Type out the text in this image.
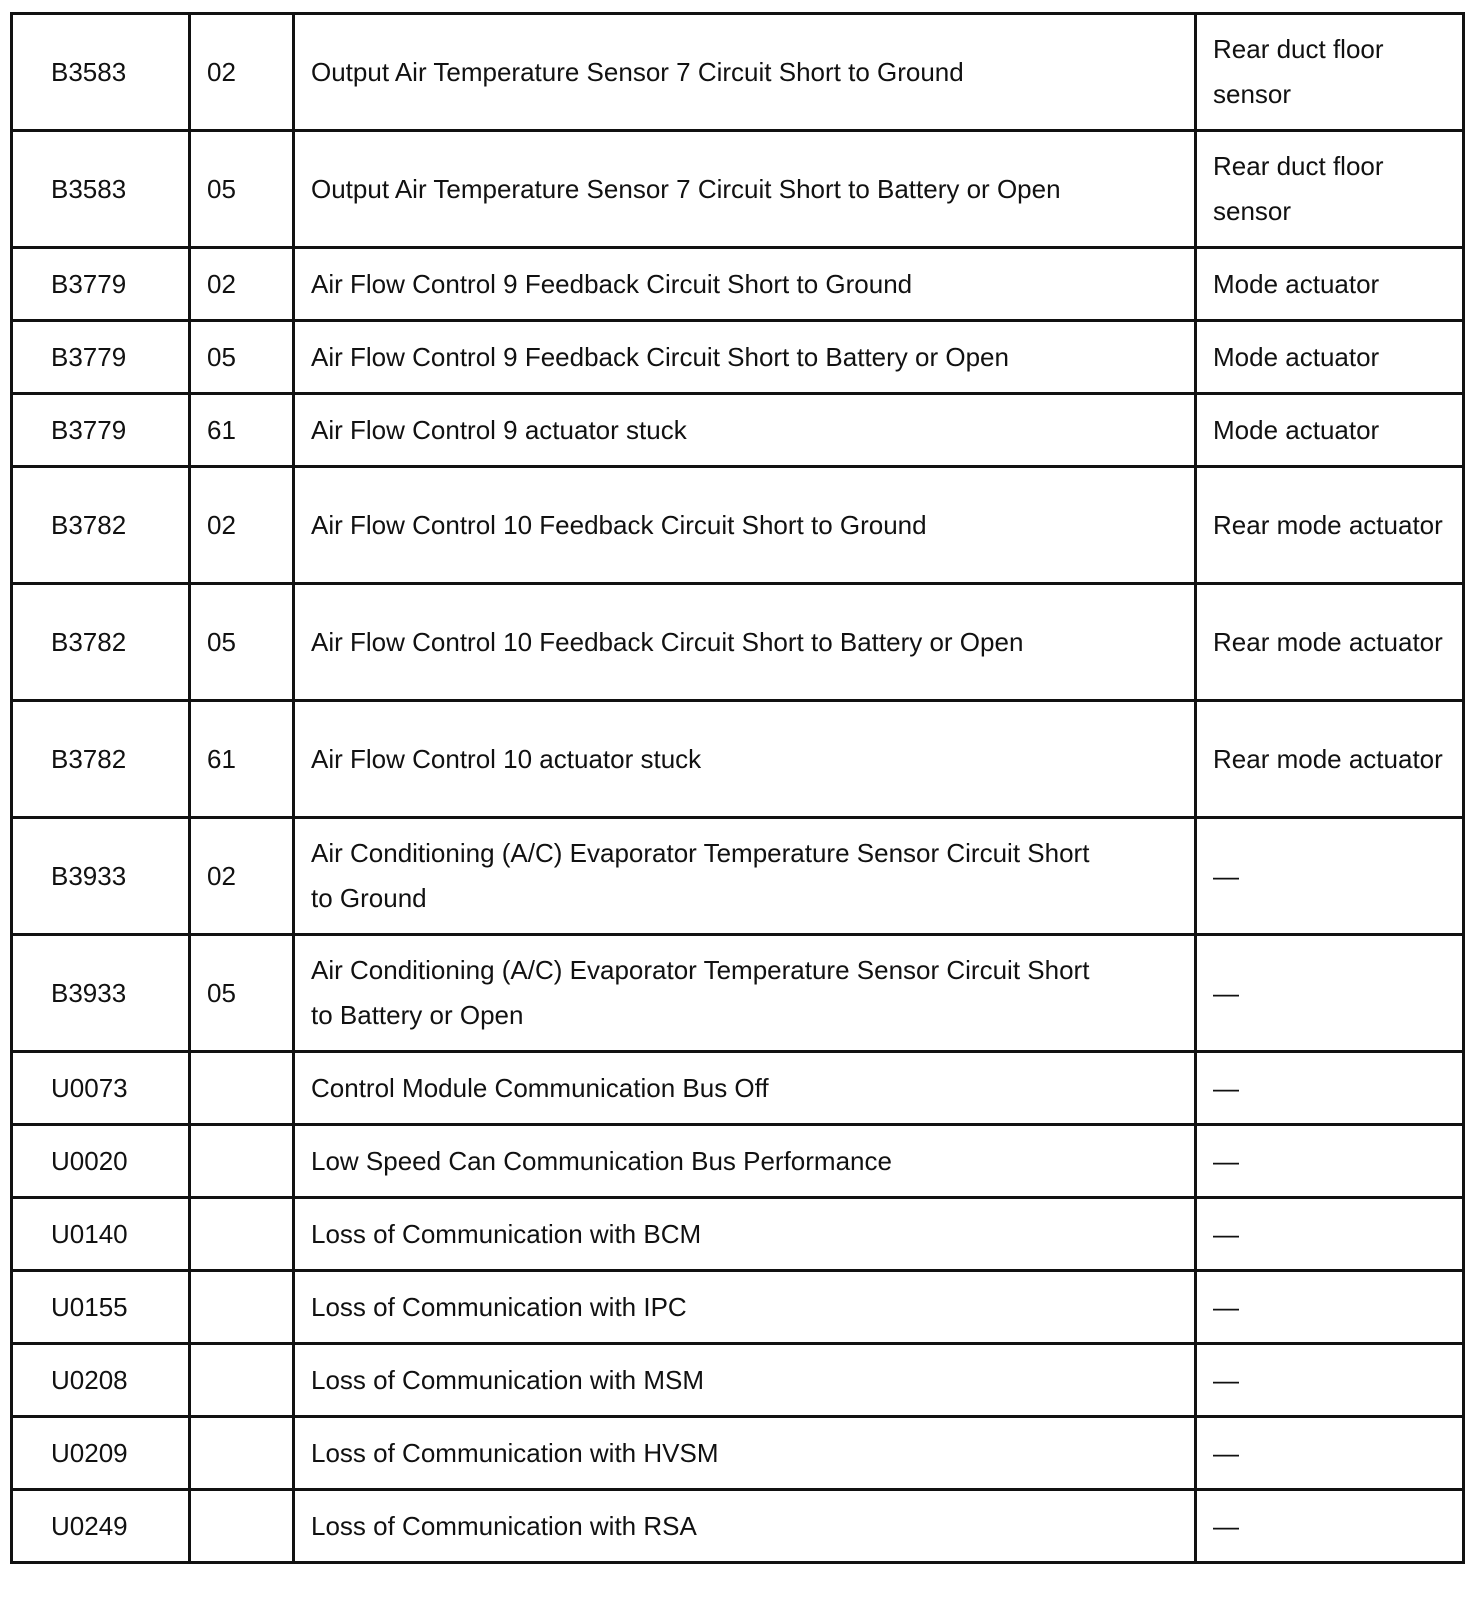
B3583	02	Output Air Temperature Sensor 7 Circuit Short to Ground	Rear duct floor sensor
B3583	05	Output Air Temperature Sensor 7 Circuit Short to Battery or Open	Rear duct floor sensor
B3779	02	Air Flow Control 9 Feedback Circuit Short to Ground	Mode actuator
B3779	05	Air Flow Control 9 Feedback Circuit Short to Battery or Open	Mode actuator
B3779	61	Air Flow Control 9 actuator stuck	Mode actuator
B3782	02	Air Flow Control 10 Feedback Circuit Short to Ground	Rear mode actuator
B3782	05	Air Flow Control 10 Feedback Circuit Short to Battery or Open	Rear mode actuator
B3782	61	Air Flow Control 10 actuator stuck	Rear mode actuator
B3933	02	Air Conditioning (A/C) Evaporator Temperature Sensor Circuit Short to Ground	—
B3933	05	Air Conditioning (A/C) Evaporator Temperature Sensor Circuit Short to Battery or Open	—
U0073		Control Module Communication Bus Off	—
U0020		Low Speed Can Communication Bus Performance	—
U0140		Loss of Communication with BCM	—
U0155		Loss of Communication with IPC	—
U0208		Loss of Communication with MSM	—
U0209		Loss of Communication with HVSM	—
U0249		Loss of Communication with RSA	—
